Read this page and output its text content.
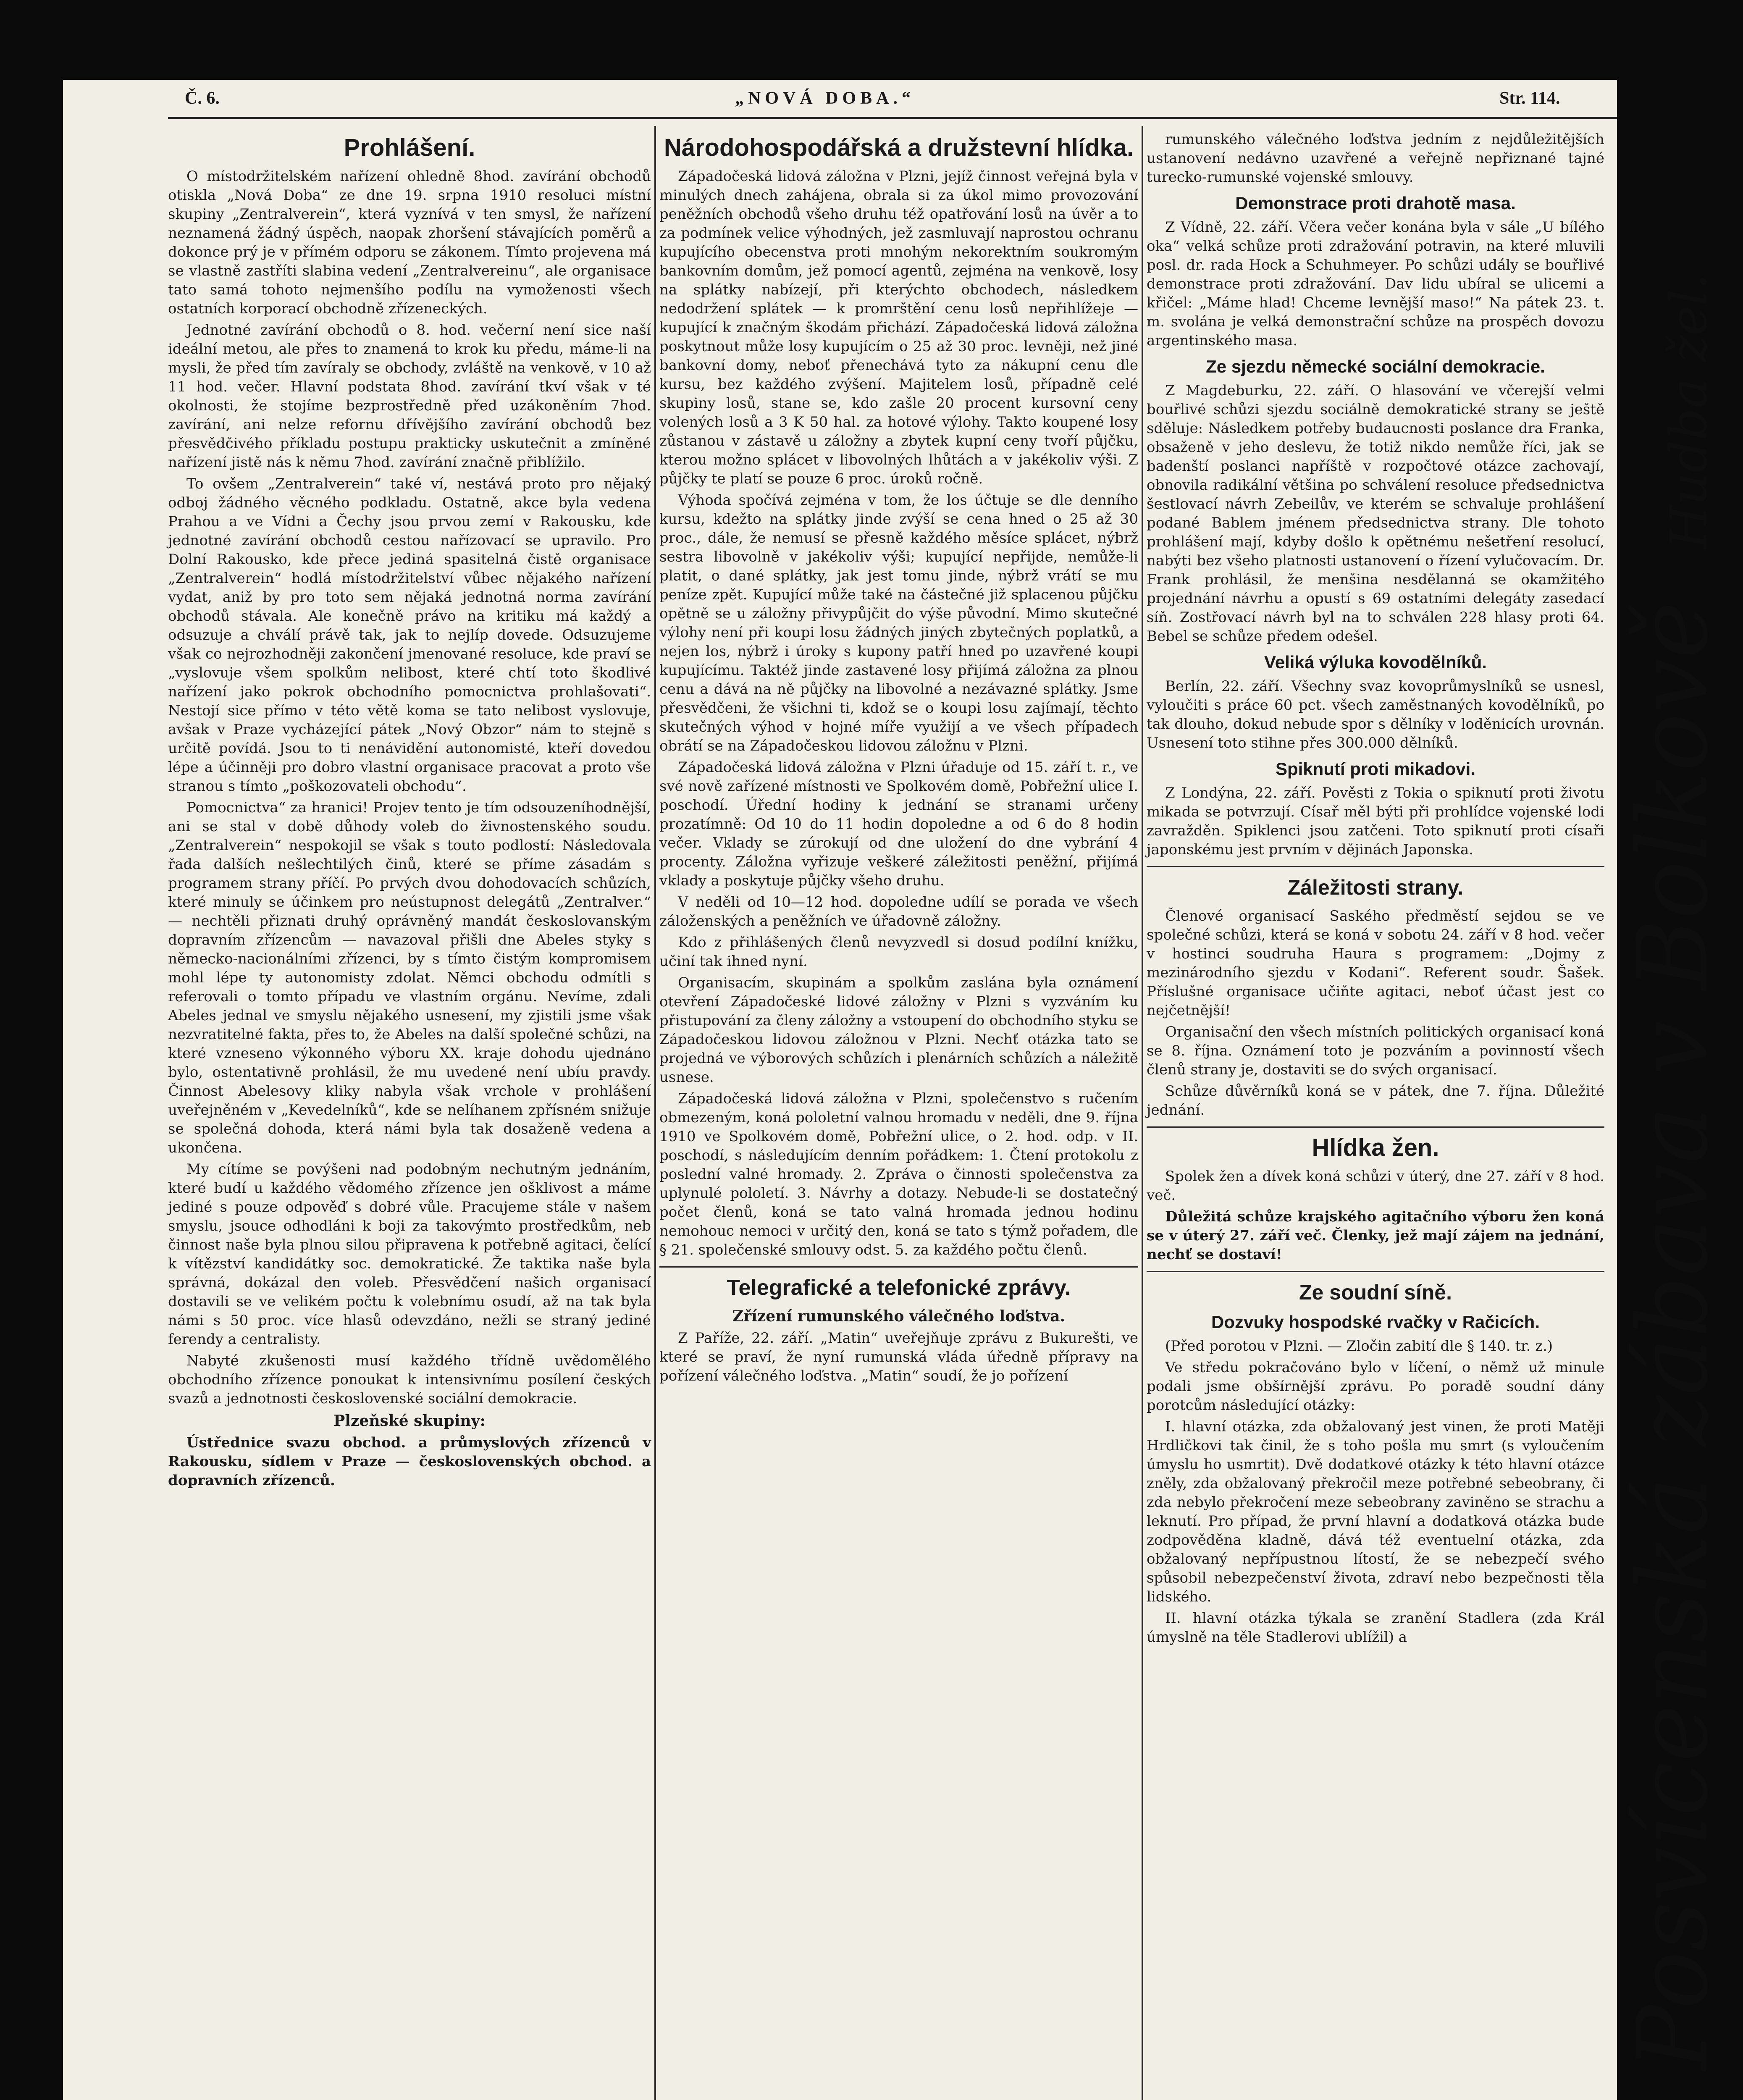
Č. 6.	„NOVÁ DOBA.“	Str. 114.
Prohlášení.

O místodržitelském nařízení ohledně 8hod. zavírání obchodů otiskla „Nová Doba“ ze dne 19. srpna 1910 resoluci místní skupiny „Zentralverein“, která vyznívá v ten smysl, že nařízení neznamená žádný úspěch, naopak zhoršení stávajících poměrů a dokonce prý je v přímém odporu se zákonem. Tímto projevena má se vlastně zastříti slabina vedení „Zentralvereinu“, ale organisace tato samá tohoto nejmenšího podílu na vymoženosti všech ostatních korporací obchodně zřízeneckých.

Jednotné zavírání obchodů o 8. hod. večerní není sice naší ideální metou, ale přes to znamená to krok ku předu, máme-li na mysli, že před tím zavíraly se obchody, zvláště na venkově, v 10 až 11 hod. večer. Hlavní podstata 8hod. zavírání tkví však v té okolnosti, že stojíme bezprostředně před uzákoněním 7hod. zavírání, ani nelze refornu dřívějšího zavírání obchodů bez přesvědčivého příkladu postupu prakticky uskutečnit a zmíněné nařízení jistě nás k němu 7hod. zavírání značně přiblížilo.

To ovšem „Zentralverein“ také ví, nestává proto pro nějaký odboj žádného věcného podkladu. Ostatně, akce byla vedena Prahou a ve Vídni a Čechy jsou prvou zemí v Rakousku, kde jednotné zavírání obchodů cestou nařízovací se upravilo. Pro Dolní Rakousko, kde přece jediná spasitelná čistě organisace „Zentralverein“ hodlá místodržitelství vůbec nějakého nařízení vydat, aniž by pro toto sem nějaká jednotná norma zavírání obchodů stávala. Ale konečně právo na kritiku má každý a odsuzuje a chválí právě tak, jak to nejlíp dovede. Odsuzujeme však co nejrozhodněji zakončení jmenované resoluce, kde praví se „vyslovuje všem spolkům nelibost, které chtí toto škodlivé nařízení jako pokrok obchodního pomocnictva prohlašovati“. Nestojí sice přímo v této větě koma se tato nelibost vyslovuje, avšak v Praze vycházející pátek „Nový Obzor“ nám to stejně s určitě povídá. Jsou to ti nenávidění autonomisté, kteří dovedou lépe a účinněji pro dobro vlastní organisace pracovat a proto vše stranou s tímto „poškozovateli obchodu“.

Pomocnictva“ za hranici! Projev tento je tím odsouzeníhodnější, ani se stal v době důhody voleb do živnostenského soudu. „Zentralverein“ nespokojil se však s touto podlostí: Následovala řada dalších nešlechtilých činů, které se příme zásadám s programem strany příčí. Po prvých dvou dohodovacích schůzích, které minuly se účinkem pro neústupnost delegátů „Zentralver.“ — nechtěli přiznati druhý oprávněný mandát českoslovanským dopravním zřízencům — navazoval přišli dne Abeles styky s německo-nacionálními zřízenci, by s tímto čistým kompromisem mohl lépe ty autonomisty zdolat. Němci obchodu odmítli s referovali o tomto případu ve vlastním orgánu. Nevíme, zdali Abeles jednal ve smyslu nějakého usnesení, my zjistili jsme však nezvratitelné fakta, přes to, že Abeles na další společné schůzi, na které vzneseno výkonného výboru XX. kraje dohodu ujednáno bylo, ostentativně prohlásil, že mu uvedené není ubíu pravdy. Činnost Abelesovy kliky nabyla však vrchole v prohlášení uveřejněném v „Kevedelníků“, kde se nelíhanem zpřísném snižuje se společná dohoda, která námi byla tak dosaženě vedena a ukončena.

My cítíme se povýšeni nad podobným nechutným jednáním, které budí u každého vědomého zřízence jen ošklivost a máme jediné s pouze odpověď s dobré vůle. Pracujeme stále v našem smyslu, jsouce odhodláni k boji za takovýmto prostředkům, neb činnost naše byla plnou silou připravena k potřebně agitaci, čelící k vítězství kandidátky soc. demokratické. Že taktika naše byla správná, dokázal den voleb. Přesvědčení našich organisací dostavili se ve velikém počtu k volebnímu osudí, až na tak byla námi s 50 proc. více hlasů odevzdáno, nežli se straný jediné ferendy a centralisty.

Nabyté zkušenosti musí každého třídně uvědomělého obchodního zřízence ponoukat k intensivnímu posílení českých svazů a jednotnosti československé sociální demokracie.

Plzeňské skupiny:

Ústřednice svazu obchod. a průmyslových zřízenců v Rakousku, sídlem v Praze — československých obchod. a dopravních zřízenců.

Národohospodářská a družstevní hlídka.

Západočeská lidová záložna v Plzni, jejíž činnost veřejná byla v minulých dnech zahájena, obrala si za úkol mimo provozování peněžních obchodů všeho druhu též opatřování losů na úvěr a to za podmínek velice výhodných, jež zasmluvají naprostou ochranu kupujícího obecenstva proti mnohým nekorektním soukromým bankovním domům, jež pomocí agentů, zejména na venkově, losy na splátky nabízejí, při kterýchto obchodech, následkem nedodržení splátek — k promrštění cenu losů nepřihlížeje — kupující k značným škodám přichází. Západočeská lidová záložna poskytnout může losy kupujícím o 25 až 30 proc. levněji, než jiné bankovní domy, neboť přenechává tyto za nákupní cenu dle kursu, bez každého zvýšení. Majitelem losů, případně celé skupiny losů, stane se, kdo zašle 20 procent kursovní ceny volených losů a 3 K 50 hal. za hotové výlohy. Takto koupené losy zůstanou v zástavě u záložny a zbytek kupní ceny tvoří půjčku, kterou možno splácet v libovolných lhůtách a v jakékoliv výši. Z půjčky te platí se pouze 6 proc. úroků ročně.

Výhoda spočívá zejména v tom, že los účtuje se dle denního kursu, kdežto na splátky jinde zvýší se cena hned o 25 až 30 proc., dále, že nemusí se přesně každého měsíce splácet, nýbrž sestra libovolně v jakékoliv výši; kupující nepřijde, nemůže-li platit, o dané splátky, jak jest tomu jinde, nýbrž vrátí se mu peníze zpět. Kupující může také na částečné již splacenou půjčku opětně se u záložny přivypůjčit do výše původní. Mimo skutečné výlohy není při koupi losu žádných jiných zbytečných poplatků, a nejen los, nýbrž i úroky s kupony patří hned po uzavřené koupi kupujícímu. Taktéž jinde zastavené losy přijímá záložna za plnou cenu a dává na ně půjčky na libovolné a nezávazné splátky. Jsme přesvědčeni, že všichni ti, kdož se o koupi losu zajímají, těchto skutečných výhod v hojné míře využijí a ve všech případech obrátí se na Západočeskou lidovou záložnu v Plzni.

Západočeská lidová záložna v Plzni úřaduje od 15. září t. r., ve své nově zařízené místnosti ve Spolkovém domě, Pobřežní ulice I. poschodí. Úřední hodiny k jednání se stranami určeny prozatímně: Od 10 do 11 hodin dopoledne a od 6 do 8 hodin večer. Vklady se zúrokují od dne uložení do dne vybrání 4 procenty. Záložna vyřizuje veškeré záležitosti peněžní, přijímá vklady a poskytuje půjčky všeho druhu.

V neděli od 10—12 hod. dopoledne udílí se porada ve všech záloženských a peněžních ve úřadovně záložny.

Kdo z přihlášených členů nevyzvedl si dosud podílní knížku, učiní tak ihned nyní.

Organisacím, skupinám a spolkům zaslána byla oznámení otevření Západočeské lidové záložny v Plzni s vyzváním ku přistupování za členy záložny a vstoupení do obchodního styku se Západočeskou lidovou záložnou v Plzni. Nechť otázka tato se projedná ve výborových schůzích i plenárních schůzích a náležitě usnese.

Západočeská lidová záložna v Plzni, společenstvo s ručením obmezeným, koná pololetní valnou hromadu v neděli, dne 9. října 1910 ve Spolkovém domě, Pobřežní ulice, o 2. hod. odp. v II. poschodí, s následujícím denním pořádkem: 1. Čtení protokolu z poslední valné hromady. 2. Zpráva o činnosti společenstva za uplynulé pololetí. 3. Návrhy a dotazy. Nebude-li se dostatečný počet členů, koná se tato valná hromada jednou hodinu nemohouc nemoci v určitý den, koná se tato s týmž pořadem, dle § 21. společenské smlouvy odst. 5. za každého počtu členů.

Telegrafické a telefonické zprávy.
Zřízení rumunského válečného loďstva.

Z Paříže, 22. září. „Matin“ uveřejňuje zprávu z Bukurešti, ve které se praví, že nyní rumunská vláda úředně přípravy na pořízení válečného loďstva. „Matin“ soudí, že jo pořízení

rumunského válečného loďstva jedním z nejdůležitějších ustanovení nedávno uzavřené a veřejně nepřiznané tajné turecko-rumunské vojenské smlouvy.

Demonstrace proti drahotě masa.

Z Vídně, 22. září. Včera večer konána byla v sále „U bílého oka“ velká schůze proti zdražování potravin, na které mluvili posl. dr. rada Hock a Schuhmeyer. Po schůzi udály se bouřlivé demonstrace proti zdražování. Dav lidu ubíral se ulicemi a křičel: „Máme hlad! Chceme levnější maso!“ Na pátek 23. t. m. svolána je velká demonstrační schůze na prospěch dovozu argentinského masa.

Ze sjezdu německé sociální demokracie.

Z Magdeburku, 22. září. O hlasování ve včerejší velmi bouřlivé schůzi sjezdu sociálně demokratické strany se ještě sděluje: Následkem potřeby budaucnosti poslance dra Franka, obsaženě v jeho deslevu, že totiž nikdo nemůže říci, jak se badenští poslanci napříště v rozpočtové otázce zachovají, obnovila radikální většina po schválení resoluce předsednictva šestlovací návrh Zebeilův, ve kterém se schvaluje prohlášení podané Bablem jménem předsednictva strany. Dle tohoto prohlášení mají, kdyby došlo k opětnému nešetření resolucí, nabýti bez všeho platnosti ustanovení o řízení vylučovacím. Dr. Frank prohlásil, že menšina nesdělanná se okamžitého projednání návrhu a opustí s 69 ostatními delegáty zasedací síň. Zostřovací návrh byl na to schválen 228 hlasy proti 64. Bebel se schůze předem odešel.

Veliká výluka kovodělníků.

Berlín, 22. září. Všechny svaz kovoprůmyslníků se usnesl, vyloučiti s práce 60 pct. všech zaměstnaných kovodělníků, po tak dlouho, dokud nebude spor s dělníky v loděnicích urovnán. Usnesení toto stihne přes 300.000 dělníků.

Spiknutí proti mikadovi.

Z Londýna, 22. září. Pověsti z Tokia o spiknutí proti životu mikada se potvrzují. Císař měl býti při prohlídce vojenské lodi zavražděn. Spiklenci jsou zatčeni. Toto spiknutí proti císaři japonskému jest prvním v dějinách Japonska.

Záležitosti strany.

Členové organisací Saského předměstí sejdou se ve společné schůzi, která se koná v sobotu 24. září v 8 hod. večer v hostinci soudruha Haura s programem: „Dojmy z mezinárodního sjezdu v Kodani“. Referent soudr. Šašek. Příslušné organisace učiňte agitaci, neboť účast jest co nejčetnější!

Organisační den všech místních politických organisací koná se 8. října. Oznámení toto je pozváním a povinností všech členů strany je, dostaviti se do svých organisací.

Schůze důvěrníků koná se v pátek, dne 7. října. Důležité jednání.

Hlídka žen.

Spolek žen a dívek koná schůzi v úterý, dne 27. září v 8 hod. več.

Důležitá schůze krajského agitačního výboru žen koná se v úterý 27. září več. Členky, jež mají zájem na jednání, nechť se dostaví!

Ze soudní síně.
Dozvuky hospodské rvačky v Račicích.

(Před porotou v Plzni. — Zločin zabití dle § 140. tr. z.)

Ve středu pokračováno bylo v líčení, o němž už minule podali jsme obšírnější zprávu. Po poradě soudní dány porotcům následující otázky:

I. hlavní otázka, zda obžalovaný jest vinen, že proti Matěji Hrdličkovi tak činil, že s toho pošla mu smrt (s vyloučením úmyslu ho usmrtit). Dvě dodatkové otázky k této hlavní otázce zněly, zda obžalovaný překročil meze potřebné sebeobrany, či zda nebylo překročení meze sebeobrany zaviněno se strachu a leknutí. Pro případ, že první hlavní a dodatková otázka bude zodpověděna kladně, dává též eventuelní otázka, zda obžalovaný nepřípustnou lítostí, že se nebezpečí svého spůsobil nebezpečenství života, zdraví nebo bezpečnosti těla lidského.

II. hlavní otázka týkala se zranění Stadlera (zda Král úmyslně na těle Stadlerovi ublížil) a	Posvícenská zábava v Bolkově Hudba žel.
